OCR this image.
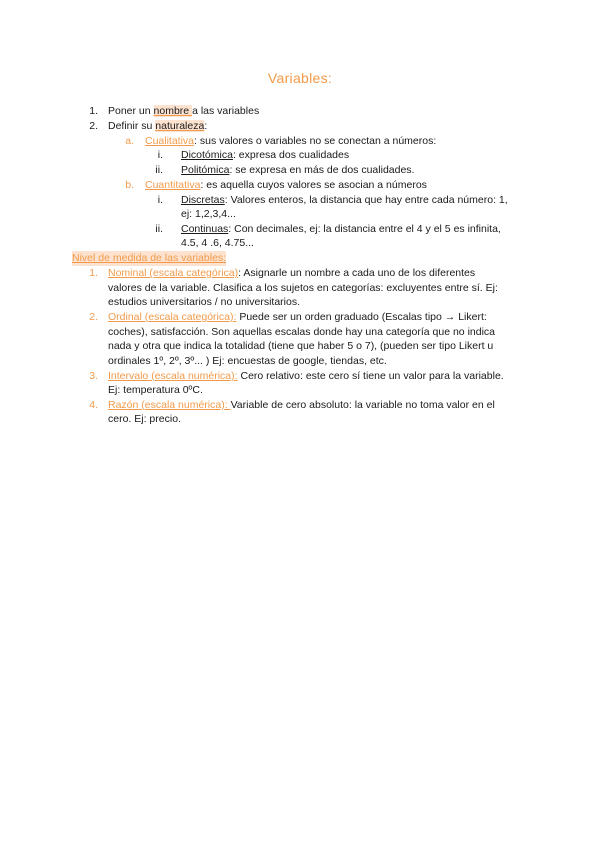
Variables:
1. Poner un nombre a las variables
2. Definir su naturaleza:
a. Cualitativa: sus valores o variables no se conectan a números:
i. Dicotómica: expresa dos cualidades
ii. Politómica: se expresa en más de dos cualidades.
b. Cuantitativa: es aquella cuyos valores se asocian a números
i. Discretas: Valores enteros, la distancia que hay entre cada número: 1,
ej: 1,2,3,4...
ii. Continuas: Con decimales, ej: la distancia entre el 4 y el 5 es infinita,
4.5, 4 .6, 4.75...
Nivel de medida de las variables:
1. Nominal (escala categórica): Asignarle un nombre a cada uno de los diferentes
valores de la variable. Clasifica a los sujetos en categorías: excluyentes entre sí. Ej:
estudios universitarios / no universitarios.
2. Ordinal (escala categórica): Puede ser un orden graduado (Escalas tipo → Likert:
coches), satisfacción. Son aquellas escalas donde hay una categoría que no indica
nada y otra que indica la totalidad (tiene que haber 5 o 7), (pueden ser tipo Likert u
ordinales 1º, 2º, 3º... ) Ej: encuestas de google, tiendas, etc.
3. Intervalo (escala numérica): Cero relativo: este cero sí tiene un valor para la variable.
Ej: temperatura 0ºC.
4. Razón (escala numérica): Variable de cero absoluto: la variable no toma valor en el
cero. Ej: precio.
